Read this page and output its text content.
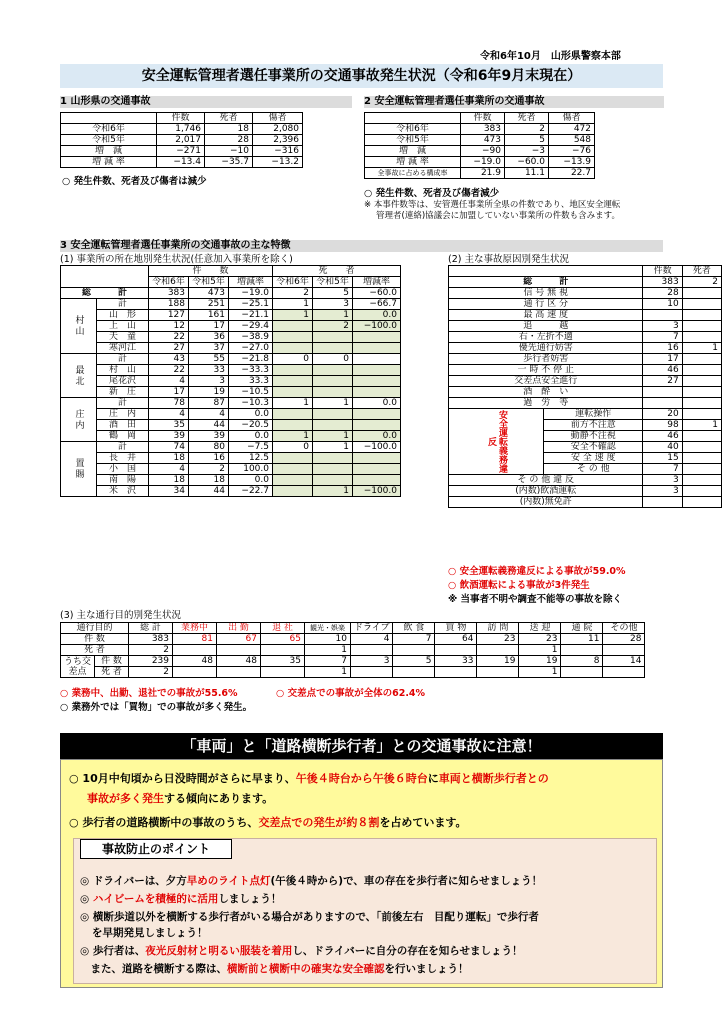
令和6年10月　 山形県警察本部
安全運転管理者選任事業所の交通事故発生状況（令和6年9月末現在）
1 山形県の交通事故
	件数	死者	傷者
令和6年	1,746	18	2,080
令和5年	2,017	28	2,396
増　減	−271	−10	−316
増 減 率	−13.4	−35.7	−13.2
○ 発生件数、死者及び傷者は減少
2 安全運転管理者選任事業所の交通事故
	件数	死者	傷者
令和6年	383	2	472
令和5年	473	5	548
増　減	−90	−3	−76
増 減 率	−19.0	−60.0	−13.9
全事故に占める構成率	21.9	11.1	22.7
○ 発生件数、死者及び傷者減少
※ 本事件数等は、安管選任事業所全県の件数であり、地区安全運転
管理者(連絡)協議会に加盟していない事業所の件数も含みます。
3 安全運転管理者選任事業所の交通事故の主な特徴
(1) 事業所の所在地別発生状況(任意加入事業所を除く)
		件　　数			死　　者		
		令和6年	令和5年	増減率	令和6年	令和5年	増減率
総　　　計		383	473	−19.0	2	5	−60.0
村山	計	188	251	−25.1	1	3	−66.7
	山　形	127	161	−21.1	1	1	0.0
	上　山	12	17	−29.4		2	−100.0
	天　童	22	36	−38.9			
	寒河江	27	37	−27.0			
最北	計	43	55	−21.8	0	0	
	村　山	22	33	−33.3			
	尾花沢	4	3	33.3			
	新　庄	17	19	−10.5			
庄内	計	78	87	−10.3	1	1	0.0
	庄　内	4	4	0.0			
	酒　田	35	44	−20.5			
	鶴　岡	39	39	0.0	1	1	0.0
置賜	計	74	80	−7.5	0	1	−100.0
	長　井	18	16	12.5			
	小　国	4	2	100.0			
	南　陽	18	18	0.0			
	米　沢	34	44	−22.7		1	−100.0
(2) 主な事故原因別発生状況
		件数	死者
総　　　計		383	2
信 号 無 視		28	
通 行 区 分		10	
最 高 速 度			
追　　　越		3	
右・左折不適		7	
優先通行妨害		16	1
歩行者妨害		17	
一 時 不 停 止		46	
交差点安全進行		27	
酒　酔　い			
過　労　等			
安全運転義務違反	運転操作	20	
	前方不注意	98	1
	動静不注視	46	
	安全不確認	40	
	安 全 速 度	15	
	そ の 他	7	
そ の 他 違 反		3	
(内数)飲酒運転		3	
(内数)無免許			
○ 安全運転義務違反による事故が59.0%
○ 飲酒運転による事故が3件発生
※ 当事者不明や調査不能等の事故を除く
(3) 主な通行目的別発生状況
通行目的		総 計	業務中	出 勤	退 社	観光・娯楽	ドライブ	飲 食	買 物	訪 問	送 迎	通 院	その他
件 数		383	81	67	65	10	4	7	64	23	23	11	28
死 者		2				1					1		
うち交差点	件 数	239	48	48	35	7	3	5	33	19	19	8	14
	死 者	2				1					1		
○ 業務中、出勤、退社での事故が55.6%	○ 交差点での事故が全体の62.4%
○ 業務外では「買物」での事故が多く発生。
「車両」と「道路横断歩行者」との交通事故に注意！
○ 10月中旬頃から日没時間がさらに早まり、午後４時台から午後６時台に車両と横断歩行者との
事故が多く発生する傾向にあります。
○ 歩行者の道路横断中の事故のうち、交差点での発生が約８割を占めています。
事故防止のポイント
◎ ドライバーは、夕方早めのライト点灯(午後４時から)で、車の存在を歩行者に知らせましょう！
◎ ハイビームを積極的に活用しましょう！
◎ 横断歩道以外を横断する歩行者がいる場合がありますので、「前後左右　目配り運転」で歩行者
を早期発見しましょう！
◎ 歩行者は、夜光反射材と明るい服装を着用し、ドライバーに自分の存在を知らせましょう！
　また、道路を横断する際は、横断前と横断中の確実な安全確認を行いましょう！
